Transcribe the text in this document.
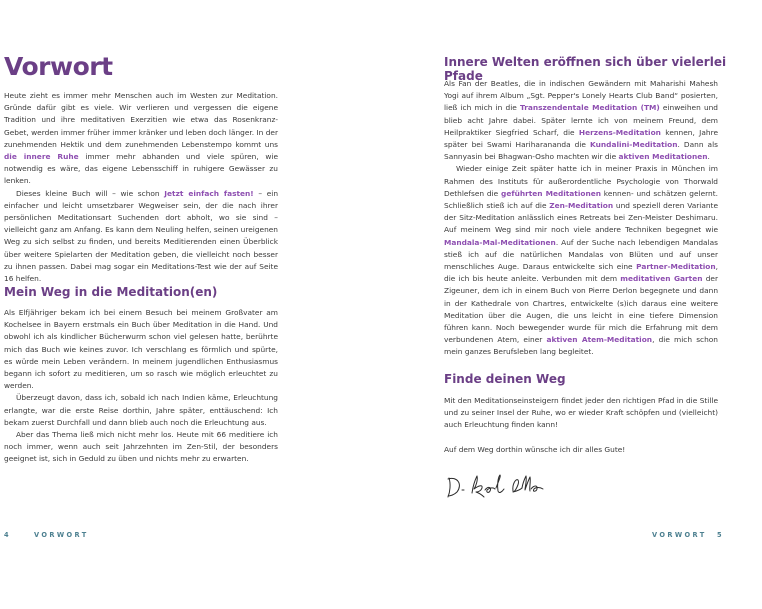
Vorwort

Heute zieht es immer mehr Menschen auch im Westen zur Meditation. Gründe dafür gibt es viele. Wir verlieren und vergessen die eigene Tradition und ihre meditativen Exerzitien wie etwa das Rosenkranz-Gebet, werden immer früher immer kränker und leben doch länger. In der zunehmenden Hektik und dem zunehmenden Lebenstempo kommt uns die innere Ruhe immer mehr abhanden und viele spüren, wie notwendig es wäre, das eigene Lebensschiff in ruhigere Gewässer zu lenken.

Dieses kleine Buch will – wie schon Jetzt einfach fasten! – ein einfacher und leicht umsetzbarer Wegweiser sein, der die nach ihrer persönlichen Meditationsart Suchenden dort abholt, wo sie sind – vielleicht ganz am Anfang. Es kann dem Neuling helfen, seinen ureigenen Weg zu sich selbst zu finden, und bereits Meditierenden einen Überblick über weitere Spielarten der Meditation geben, die vielleicht noch besser zu ihnen passen. Dabei mag sogar ein Meditations-Test wie der auf Seite 16 helfen.

Mein Weg in die Meditation(en)

Als Elfjähriger bekam ich bei einem Besuch bei meinem Großvater am Kochelsee in Bayern erstmals ein Buch über Meditation in die Hand. Und obwohl ich als kindlicher Bücherwurm schon viel gelesen hatte, berührte mich das Buch wie keines zuvor. Ich verschlang es förmlich und spürte, es würde mein Leben verändern. In meinem jugendlichen Enthusiasmus begann ich sofort zu meditieren, um so rasch wie möglich erleuchtet zu werden.

Überzeugt davon, dass ich, sobald ich nach Indien käme, Erleuchtung erlangte, war die erste Reise dorthin, Jahre später, enttäuschend: Ich bekam zuerst Durchfall und dann blieb auch noch die Erleuchtung aus.

Aber das Thema ließ mich nicht mehr los. Heute mit 66 meditiere ich noch immer, wenn auch seit Jahrzehnten im Zen-Stil, der besonders geeignet ist, sich in Geduld zu üben und nichts mehr zu erwarten.

4	VORWORT
Innere Welten eröffnen sich über vielerlei Pfade

Als Fan der Beatles, die in indischen Gewändern mit Maharishi Mahesh Yogi auf ihrem Album „Sgt. Pepper's Lonely Hearts Club Band“ posierten, ließ ich mich in die Transzendentale Meditation (TM) einweihen und blieb acht Jahre dabei. Später lernte ich von meinem Freund, dem Heilpraktiker Siegfried Scharf, die Herzens-Meditation kennen, Jahre später bei Swami Hariharananda die Kundalini-Meditation. Dann als Sannyasin bei Bhagwan-Osho machten wir die aktiven Meditationen.

Wieder einige Zeit später hatte ich in meiner Praxis in München im Rahmen des Instituts für außerordentliche Psychologie von Thorwald Dethlefsen die geführten Meditationen kennen- und schätzen gelernt. Schließlich stieß ich auf die Zen-Meditation und speziell deren Variante der Sitz-Meditation anlässlich eines Retreats bei Zen-Meister Deshimaru. Auf meinem Weg sind mir noch viele andere Techniken begegnet wie Mandala-Mal-Meditationen. Auf der Suche nach lebendigen Mandalas stieß ich auf die natürlichen Mandalas von Blüten und auf unser menschliches Auge. Daraus entwickelte sich eine Partner-Meditation, die ich bis heute anleite. Verbunden mit dem meditativen Garten der Zigeuner, dem ich in einem Buch von Pierre Derlon begegnete und dann in der Kathedrale von Chartres, entwickelte (s)ich daraus eine weitere Meditation über die Augen, die uns leicht in eine tiefere Dimension führen kann. Noch bewegender wurde für mich die Erfahrung mit dem verbundenen Atem, einer aktiven Atem-Meditation, die mich schon mein ganzes Berufsleben lang begleitet.

Finde deinen Weg

Mit den Meditationseinsteigern findet jeder den richtigen Pfad in die Stille und zu seiner Insel der Ruhe, wo er wieder Kraft schöpfen und (vielleicht) auch Erleuchtung finden kann!

Auf dem Weg dorthin wünsche ich dir alles Gute!

VORWORT 5
